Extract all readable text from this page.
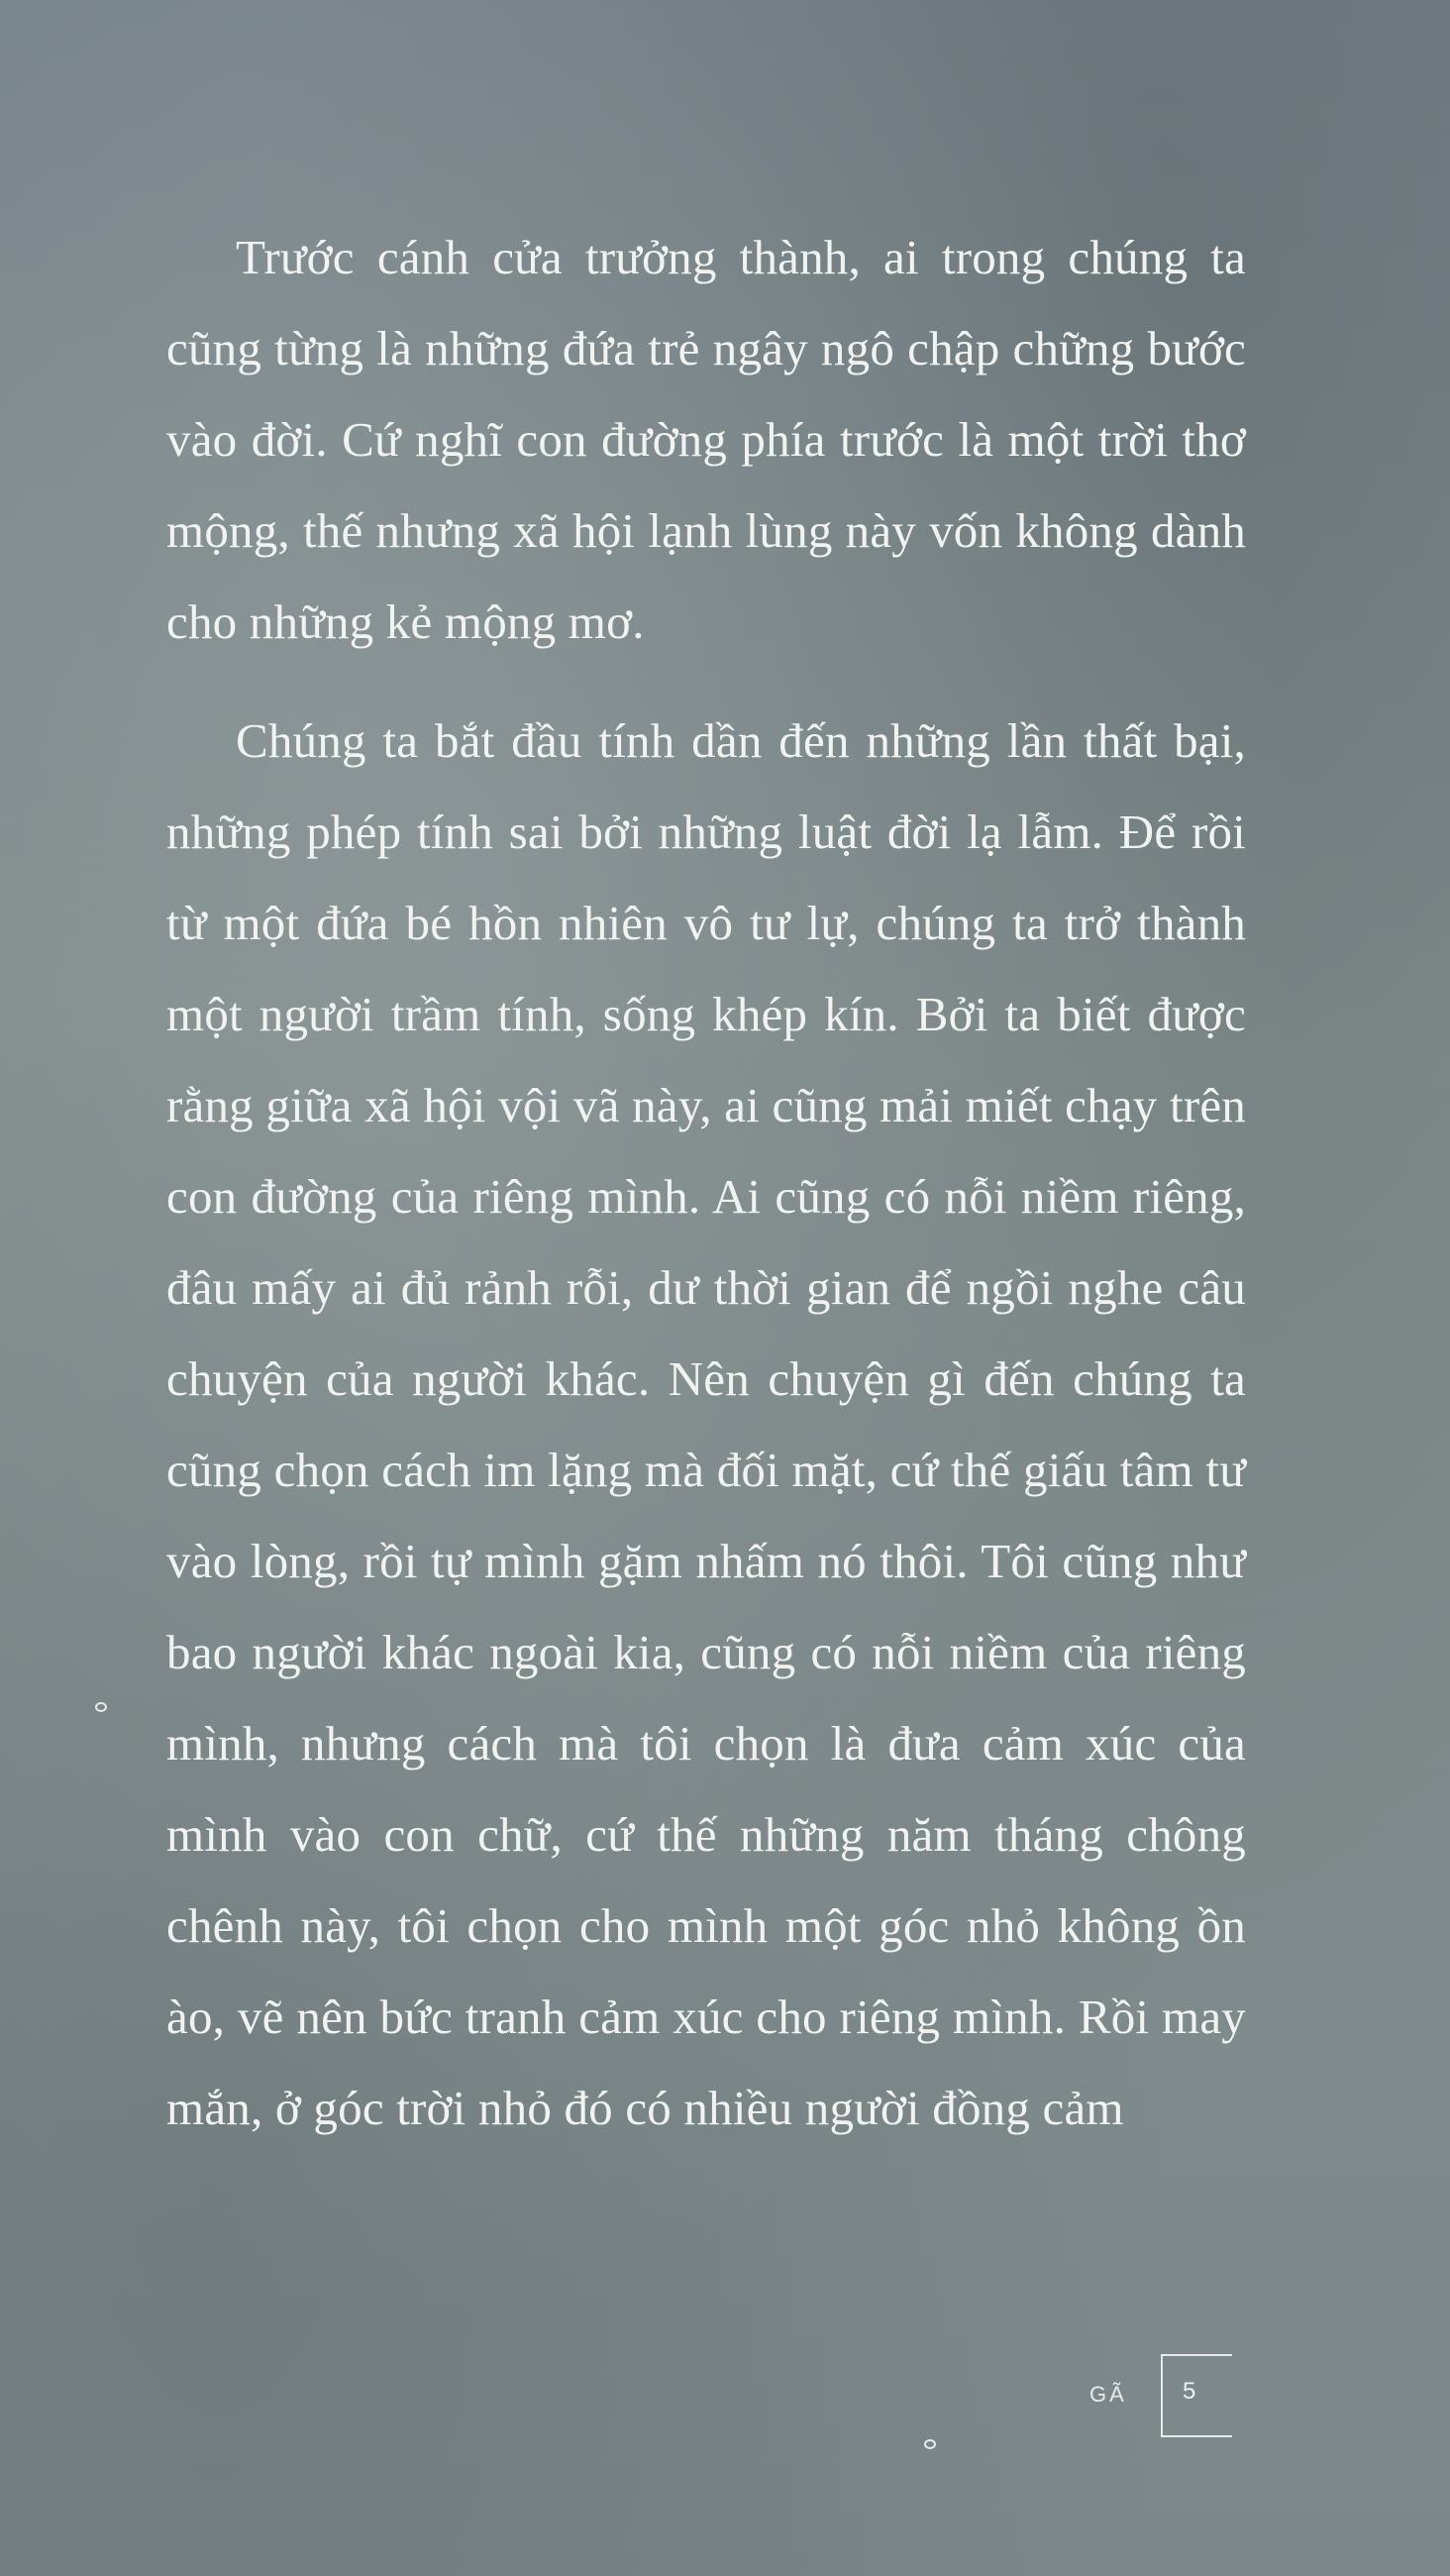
Trước cánh cửa trưởng thành, ai trong chúng ta cũng từng là những đứa trẻ ngây ngô chập chững bước vào đời. Cứ nghĩ con đường phía trước là một trời thơ mộng, thế nhưng xã hội lạnh lùng này vốn không dành cho những kẻ mộng mơ.

Chúng ta bắt đầu tính dần đến những lần thất bại, những phép tính sai bởi những luật đời lạ lẫm. Để rồi từ một đứa bé hồn nhiên vô tư lự, chúng ta trở thành một người trầm tính, sống khép kín. Bởi ta biết được rằng giữa xã hội vội vã này, ai cũng mải miết chạy trên con đường của riêng mình. Ai cũng có nỗi niềm riêng, đâu mấy ai đủ rảnh rỗi, dư thời gian để ngồi nghe câu chuyện của người khác. Nên chuyện gì đến chúng ta cũng chọn cách im lặng mà đối mặt, cứ thế giấu tâm tư vào lòng, rồi tự mình gặm nhấm nó thôi. Tôi cũng như bao người khác ngoài kia, cũng có nỗi niềm của riêng mình, nhưng cách mà tôi chọn là đưa cảm xúc của mình vào con chữ, cứ thế những năm tháng chông chênh này, tôi chọn cho mình một góc nhỏ không ồn ào, vẽ nên bức tranh cảm xúc cho riêng mình. Rồi may mắn, ở góc trời nhỏ đó có nhiều người đồng cảm

GÃ 5
